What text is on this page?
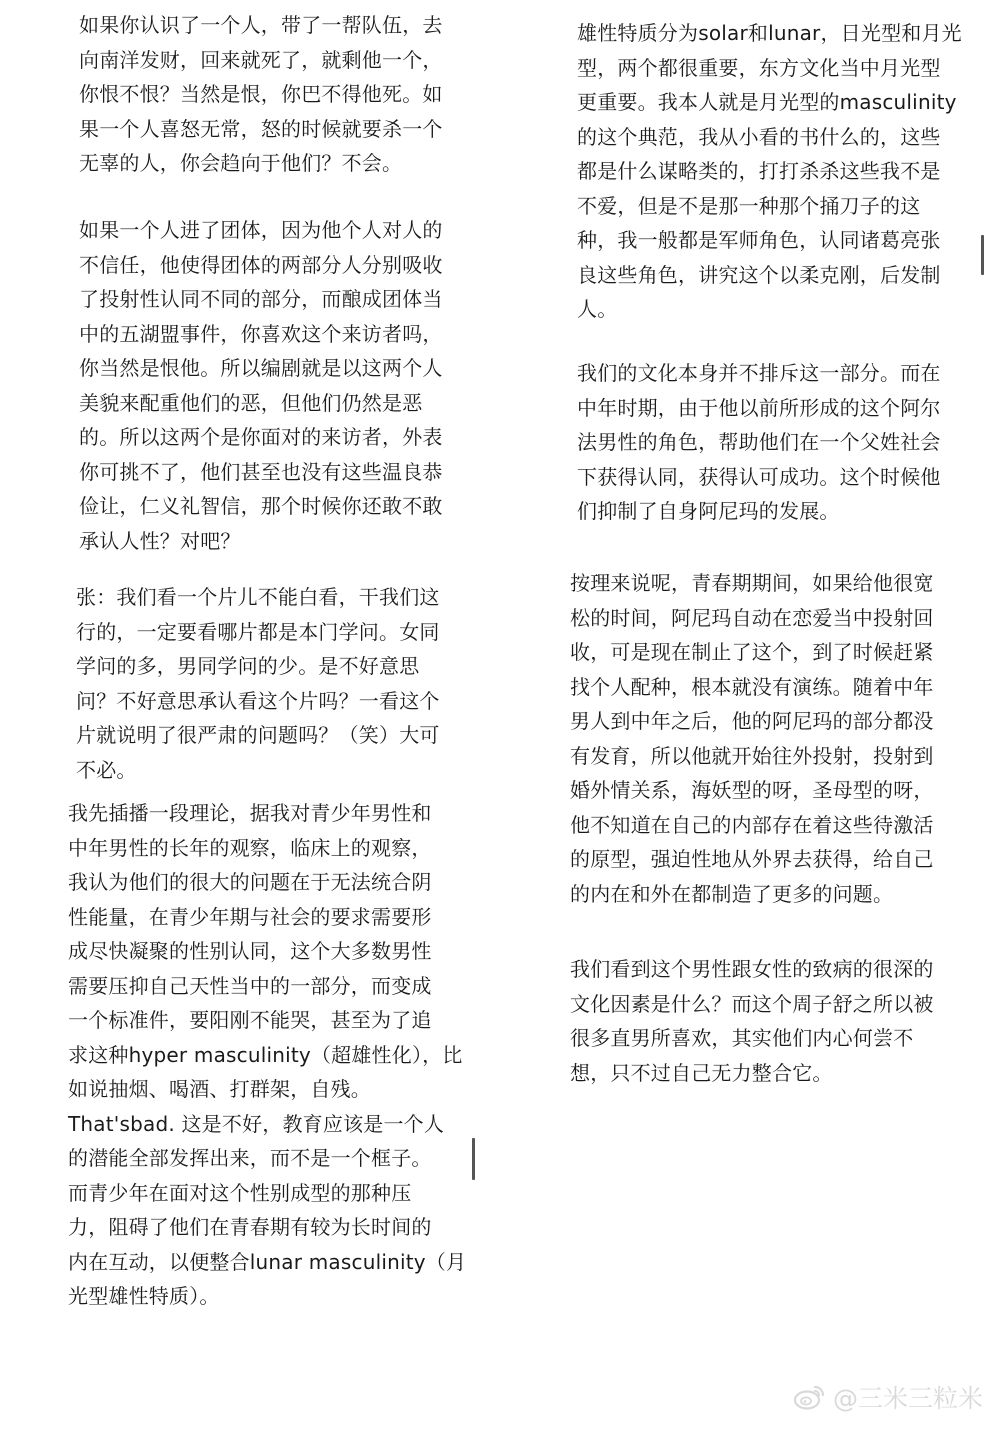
如果你认识了一个人，带了一帮队伍，去
向南洋发财，回来就死了，就剩他一个，
你恨不恨？当然是恨，你巴不得他死。如
果一个人喜怒无常，怒的时候就要杀一个
无辜的人，你会趋向于他们？不会。

如果一个人进了团体，因为他个人对人的
不信任，他使得团体的两部分人分别吸收
了投射性认同不同的部分，而酿成团体当
中的五湖盟事件，你喜欢这个来访者吗，
你当然是恨他。所以编剧就是以这两个人
美貌来配重他们的恶，但他们仍然是恶
的。所以这两个是你面对的来访者，外表
你可挑不了，他们甚至也没有这些温良恭
俭让，仁义礼智信，那个时候你还敢不敢
承认人性？对吧？

张：我们看一个片儿不能白看，干我们这
行的，一定要看哪片都是本门学问。女同
学问的多，男同学问的少。是不好意思
问？不好意思承认看这个片吗？一看这个
片就说明了很严肃的问题吗？（笑）大可
不必。

我先插播一段理论，据我对青少年男性和
中年男性的长年的观察，临床上的观察，
我认为他们的很大的问题在于无法统合阴
性能量，在青少年期与社会的要求需要形
成尽快凝聚的性别认同，这个大多数男性
需要压抑自己天性当中的一部分，而变成
一个标准件，要阳刚不能哭，甚至为了追
求这种hyper masculinity（超雄性化），比
如说抽烟、喝酒、打群架，自残。
That'sbad. 这是不好，教育应该是一个人
的潜能全部发挥出来，而不是一个框子。
而青少年在面对这个性别成型的那种压
力，阻碍了他们在青春期有较为长时间的
内在互动，以便整合lunar masculinity（月
光型雄性特质）。

雄性特质分为solar和lunar，日光型和月光
型，两个都很重要，东方文化当中月光型
更重要。我本人就是月光型的masculinity
的这个典范，我从小看的书什么的，这些
都是什么谋略类的，打打杀杀这些我不是
不爱，但是不是那一种那个捅刀子的这
种，我一般都是军师角色，认同诸葛亮张
良这些角色，讲究这个以柔克刚，后发制
人。

我们的文化本身并不排斥这一部分。而在
中年时期，由于他以前所形成的这个阿尔
法男性的角色，帮助他们在一个父姓社会
下获得认同，获得认可成功。这个时候他
们抑制了自身阿尼玛的发展。

按理来说呢，青春期期间，如果给他很宽
松的时间，阿尼玛自动在恋爱当中投射回
收，可是现在制止了这个，到了时候赶紧
找个人配种，根本就没有演练。随着中年
男人到中年之后，他的阿尼玛的部分都没
有发育，所以他就开始往外投射，投射到
婚外情关系，海妖型的呀，圣母型的呀，
他不知道在自己的内部存在着这些待激活
的原型，强迫性地从外界去获得，给自己
的内在和外在都制造了更多的问题。

我们看到这个男性跟女性的致病的很深的
文化因素是什么？而这个周子舒之所以被
很多直男所喜欢，其实他们内心何尝不
想，只不过自己无力整合它。

@三米三粒米
